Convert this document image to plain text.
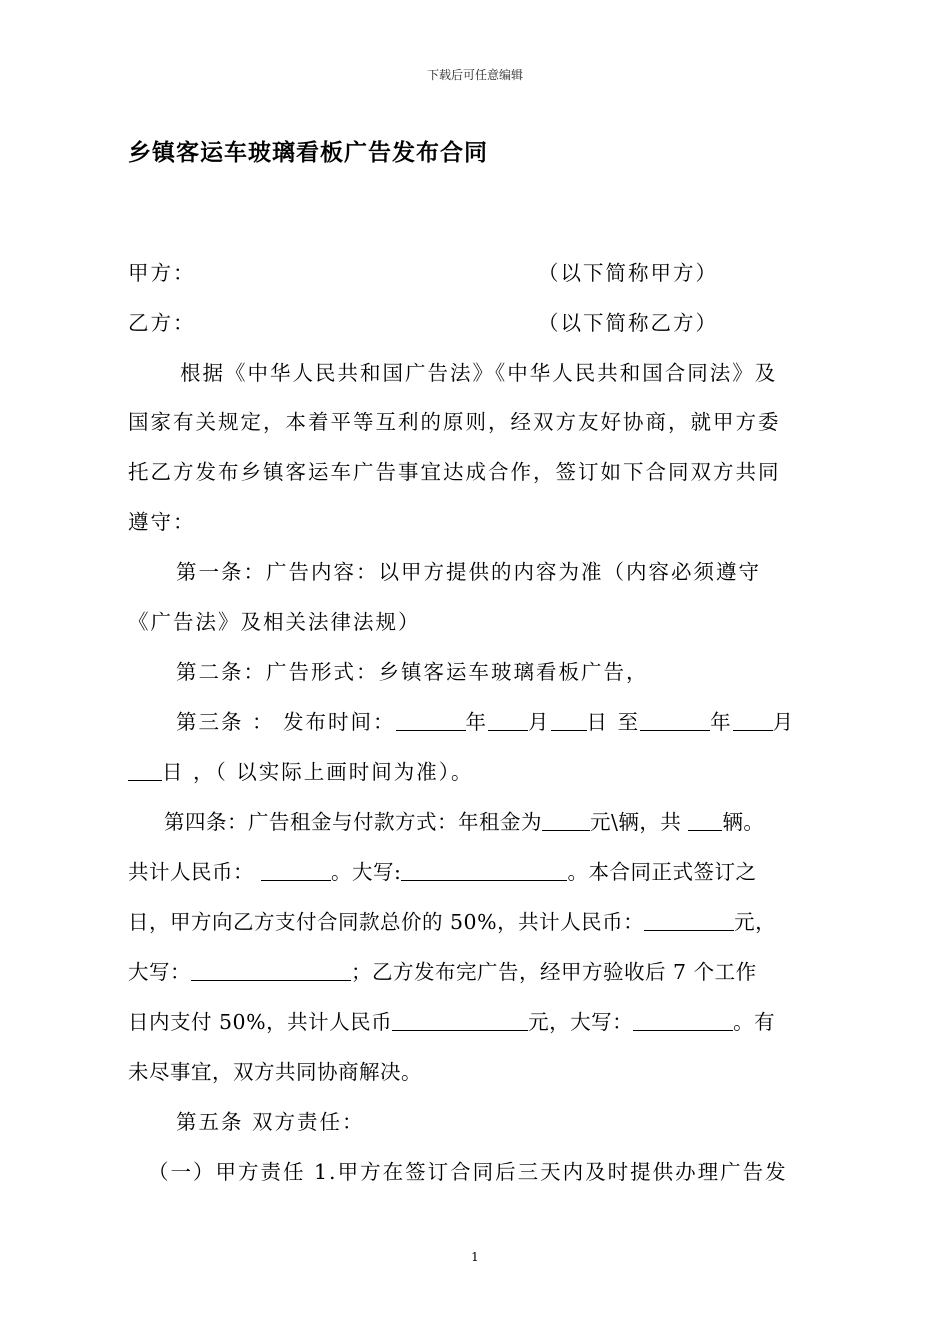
下载后可任意编辑
乡镇客运车玻璃看板广告发布合同
甲方：	（以下简称甲方）
乙方：	（以下简称乙方）
根据《中华人民共和国广告法》《中华人民共和国合同法》及
国家有关规定，本着平等互利的原则，经双方友好协商，就甲方委
托乙方发布乡镇客运车广告事宜达成合作，签订如下合同双方共同
遵守：
第一条：广告内容：以甲方提供的内容为准（内容必须遵守
《广告法》及相关法律法规）
第二条：广告形式：乡镇客运车玻璃看板广告，
第三条 ： 发布时间：	年 月 日 至	年 月
日 ，（ 以实际上画时间为准）。
第四条：广告租金与付款方式：年租金为 元\辆，共 辆。
共计人民币：	。大写:	。本合同正式签订之
日，甲方向乙方支付合同款总价的 50%，共计人民币：	元，
大写：	；乙方发布完广告，经甲方验收后 7 个工作
日内支付 50%，共计人民币	元，大写：	。有
未尽事宜，双方共同协商解决。
第五条 双方责任：
（一）甲方责任 1.甲方在签订合同后三天内及时提供办理广告发
1
